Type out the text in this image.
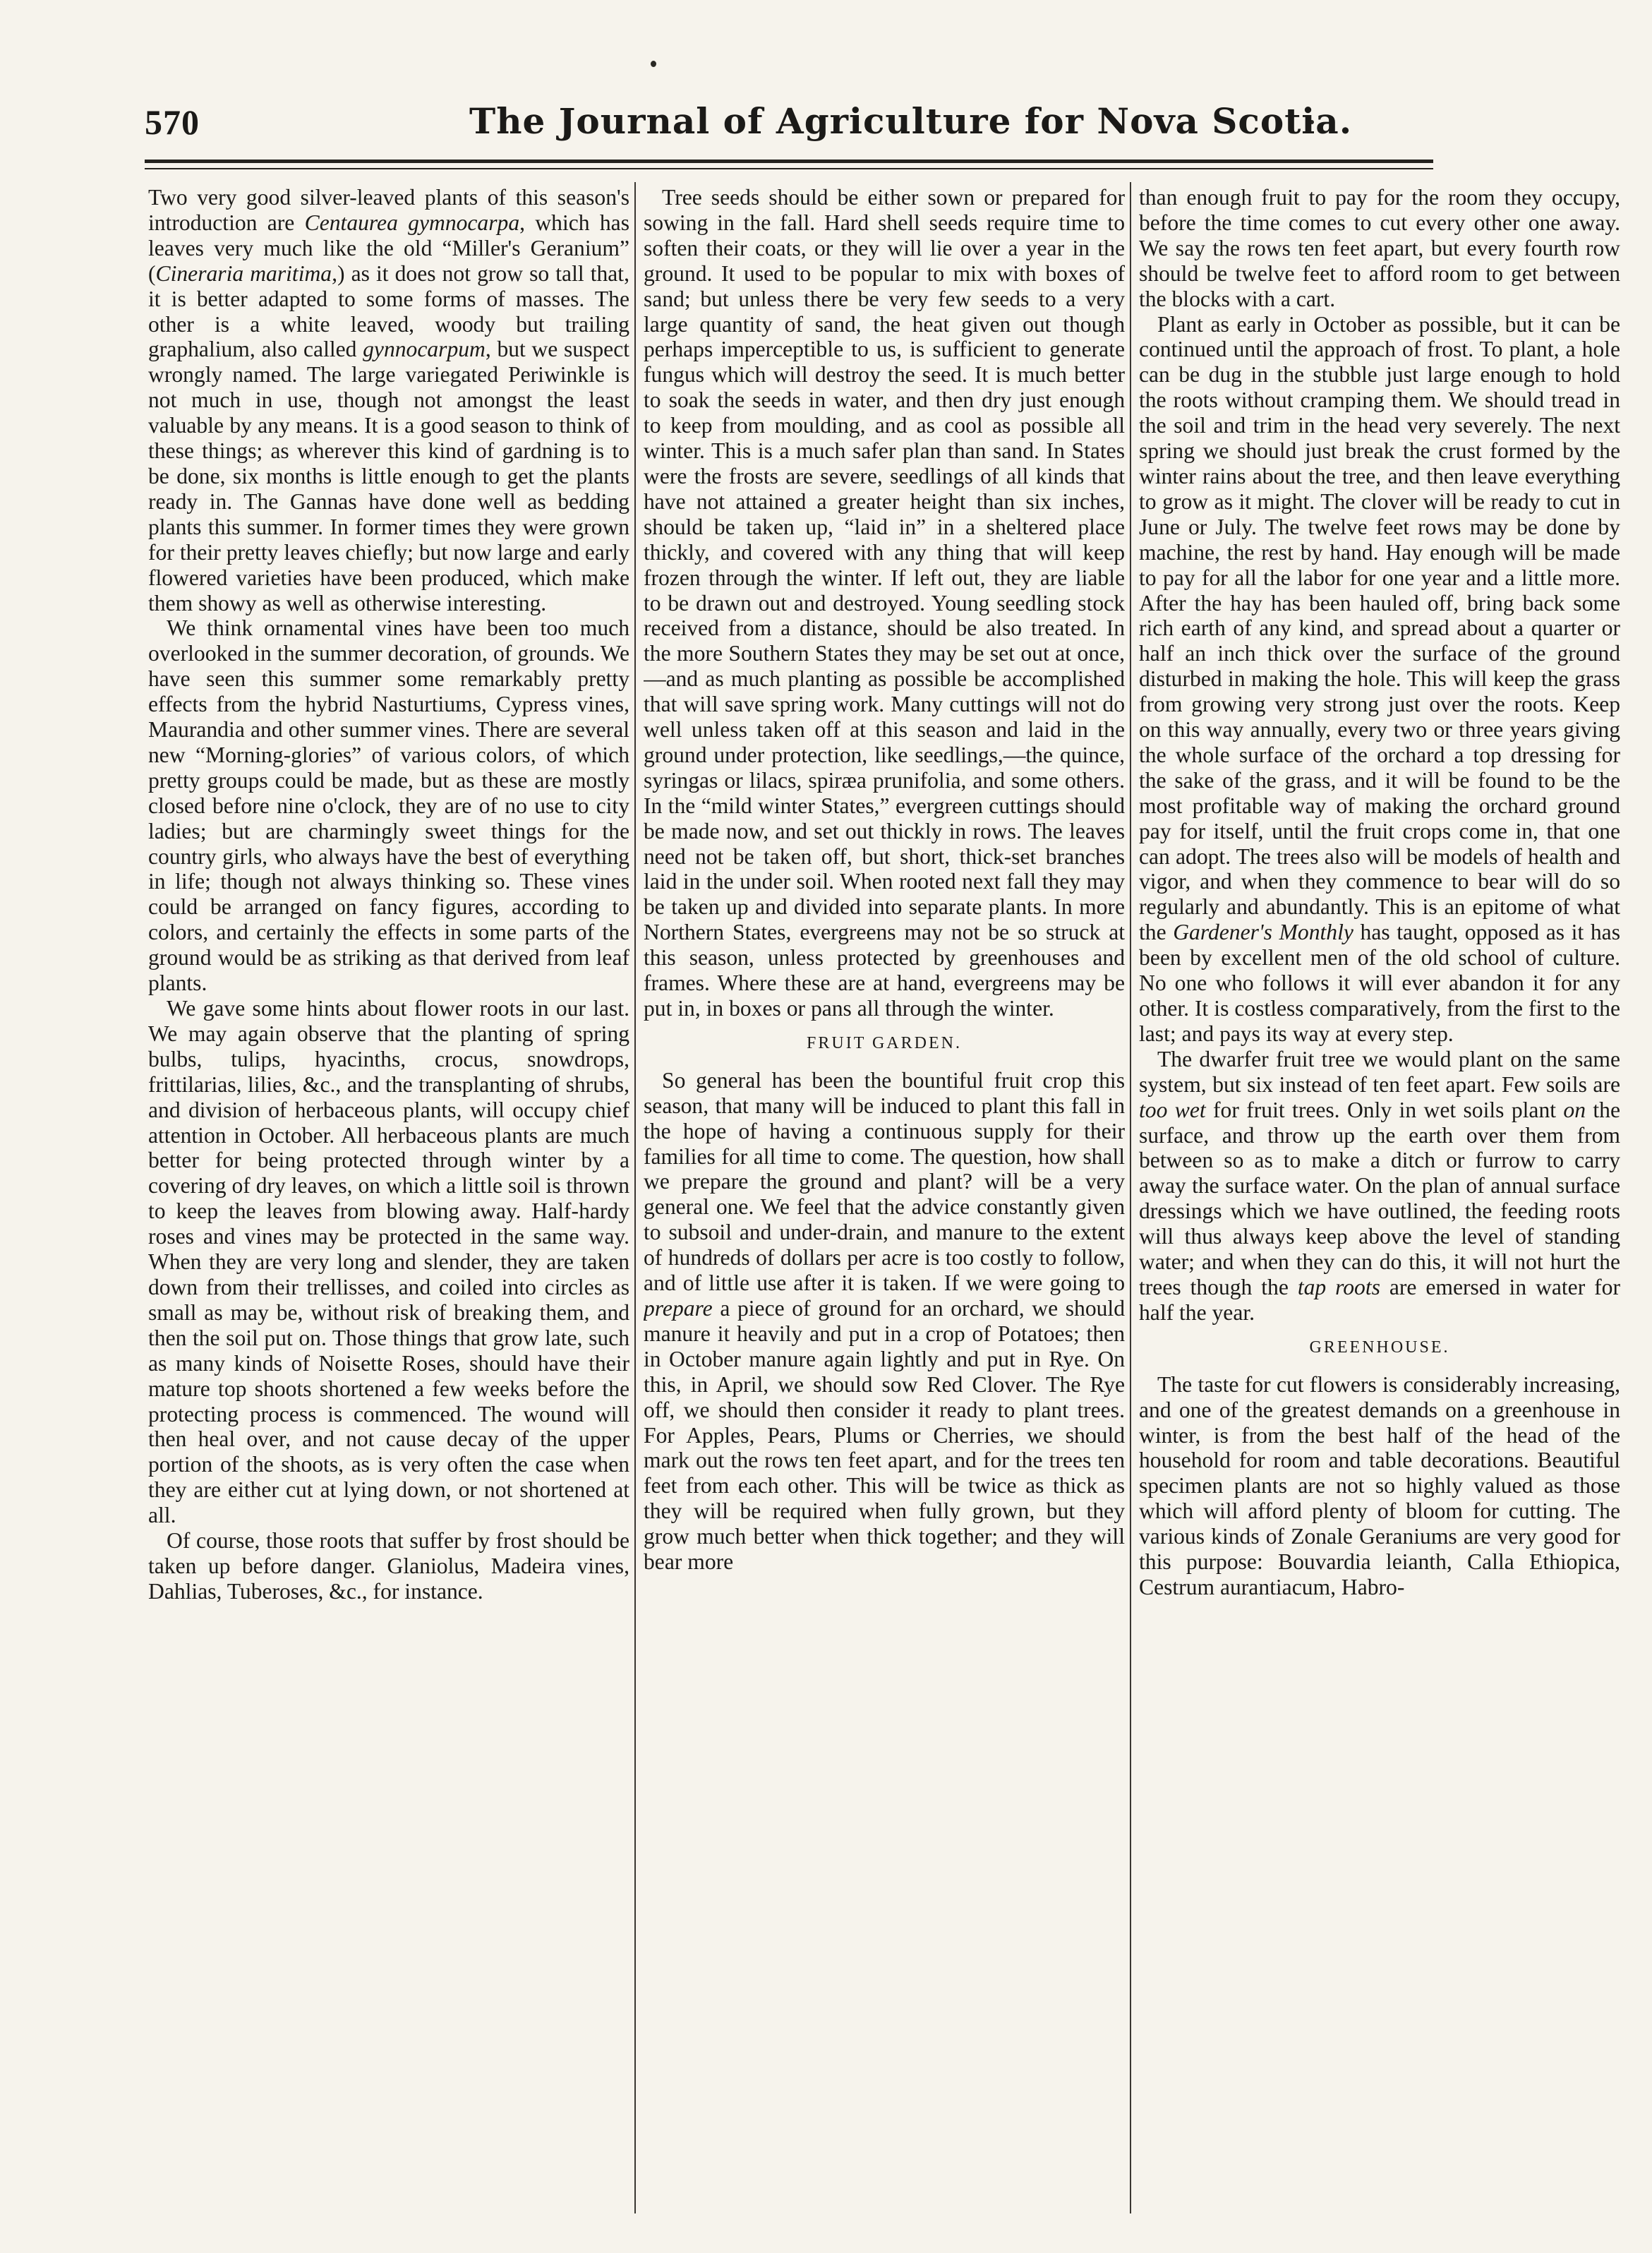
570	The Journal of Agriculture for Nova Scotia.

Two very good silver-leaved plants of this season's introduction are Centaurea gymnocarpa, which has leaves very much like the old “Miller's Geranium” (Cineraria maritima,) as it does not grow so tall that, it is better adapted to some forms of masses. The other is a white leaved, woody but trailing graphalium, also called gynnocarpum, but we suspect wrongly named. The large variegated Periwinkle is not much in use, though not amongst the least valuable by any means. It is a good season to think of these things; as wherever this kind of gardning is to be done, six months is little enough to get the plants ready in. The Gannas have done well as bedding plants this summer. In former times they were grown for their pretty leaves chiefly; but now large and early flowered varieties have been produced, which make them showy as well as otherwise interesting.

We think ornamental vines have been too much overlooked in the summer decoration, of grounds. We have seen this summer some remarkably pretty effects from the hybrid Nasturtiums, Cypress vines, Maurandia and other summer vines. There are several new “Morning-glories” of various colors, of which pretty groups could be made, but as these are mostly closed before nine o'clock, they are of no use to city ladies; but are charmingly sweet things for the country girls, who always have the best of everything in life; though not always thinking so. These vines could be arranged on fancy figures, according to colors, and certainly the effects in some parts of the ground would be as striking as that derived from leaf plants.

We gave some hints about flower roots in our last. We may again observe that the planting of spring bulbs, tulips, hyacinths, crocus, snowdrops, frittilarias, lilies, &c., and the transplanting of shrubs, and division of herbaceous plants, will occupy chief attention in October. All herbaceous plants are much better for being protected through winter by a covering of dry leaves, on which a little soil is thrown to keep the leaves from blowing away. Half-hardy roses and vines may be protected in the same way. When they are very long and slender, they are taken down from their trellisses, and coiled into circles as small as may be, without risk of breaking them, and then the soil put on. Those things that grow late, such as many kinds of Noisette Roses, should have their mature top shoots shortened a few weeks before the protecting process is commenced. The wound will then heal over, and not cause decay of the upper portion of the shoots, as is very often the case when they are either cut at lying down, or not shortened at all.

Of course, those roots that suffer by frost should be taken up before danger. Glaniolus, Madeira vines, Dahlias, Tuberoses, &c., for instance.

Tree seeds should be either sown or prepared for sowing in the fall. Hard shell seeds require time to soften their coats, or they will lie over a year in the ground. It used to be popular to mix with boxes of sand; but unless there be very few seeds to a very large quantity of sand, the heat given out though perhaps imperceptible to us, is sufficient to generate fungus which will destroy the seed. It is much better to soak the seeds in water, and then dry just enough to keep from moulding, and as cool as possible all winter. This is a much safer plan than sand. In States were the frosts are severe, seedlings of all kinds that have not attained a greater height than six inches, should be taken up, “laid in” in a sheltered place thickly, and covered with any thing that will keep frozen through the winter. If left out, they are liable to be drawn out and destroyed. Young seedling stock received from a distance, should be also treated. In the more Southern States they may be set out at once,—and as much planting as possible be accomplished that will save spring work. Many cuttings will not do well unless taken off at this season and laid in the ground under protection, like seedlings,—the quince, syringas or lilacs, spiræa prunifolia, and some others. In the “mild winter States,” evergreen cuttings should be made now, and set out thickly in rows. The leaves need not be taken off, but short, thick-set branches laid in the under soil. When rooted next fall they may be taken up and divided into separate plants. In more Northern States, evergreens may not be so struck at this season, unless protected by greenhouses and frames. Where these are at hand, evergreens may be put in, in boxes or pans all through the winter.

FRUIT GARDEN.

So general has been the bountiful fruit crop this season, that many will be induced to plant this fall in the hope of having a continuous supply for their families for all time to come. The question, how shall we prepare the ground and plant? will be a very general one. We feel that the advice constantly given to subsoil and under-drain, and manure to the extent of hundreds of dollars per acre is too costly to follow, and of little use after it is taken. If we were going to prepare a piece of ground for an orchard, we should manure it heavily and put in a crop of Potatoes; then in October manure again lightly and put in Rye. On this, in April, we should sow Red Clover. The Rye off, we should then consider it ready to plant trees. For Apples, Pears, Plums or Cherries, we should mark out the rows ten feet apart, and for the trees ten feet from each other. This will be twice as thick as they will be required when fully grown, but they grow much better when thick together; and they will bear more

than enough fruit to pay for the room they occupy, before the time comes to cut every other one away. We say the rows ten feet apart, but every fourth row should be twelve feet to afford room to get between the blocks with a cart.

Plant as early in October as possible, but it can be continued until the approach of frost. To plant, a hole can be dug in the stubble just large enough to hold the roots without cramping them. We should tread in the soil and trim in the head very severely. The next spring we should just break the crust formed by the winter rains about the tree, and then leave everything to grow as it might. The clover will be ready to cut in June or July. The twelve feet rows may be done by machine, the rest by hand. Hay enough will be made to pay for all the labor for one year and a little more. After the hay has been hauled off, bring back some rich earth of any kind, and spread about a quarter or half an inch thick over the surface of the ground disturbed in making the hole. This will keep the grass from growing very strong just over the roots. Keep on this way annually, every two or three years giving the whole surface of the orchard a top dressing for the sake of the grass, and it will be found to be the most profitable way of making the orchard ground pay for itself, until the fruit crops come in, that one can adopt. The trees also will be models of health and vigor, and when they commence to bear will do so regularly and abundantly. This is an epitome of what the Gardener's Monthly has taught, opposed as it has been by excellent men of the old school of culture. No one who follows it will ever abandon it for any other. It is costless comparatively, from the first to the last; and pays its way at every step.

The dwarfer fruit tree we would plant on the same system, but six instead of ten feet apart. Few soils are too wet for fruit trees. Only in wet soils plant on the surface, and throw up the earth over them from between so as to make a ditch or furrow to carry away the surface water. On the plan of annual surface dressings which we have outlined, the feeding roots will thus always keep above the level of standing water; and when they can do this, it will not hurt the trees though the tap roots are emersed in water for half the year.

GREENHOUSE.

The taste for cut flowers is considerably increasing, and one of the greatest demands on a greenhouse in winter, is from the best half of the head of the household for room and table decorations. Beautiful specimen plants are not so highly valued as those which will afford plenty of bloom for cutting. The various kinds of Zonale Geraniums are very good for this purpose: Bouvardia leianth, Calla Ethiopica, Cestrum aurantiacum, Habro-
